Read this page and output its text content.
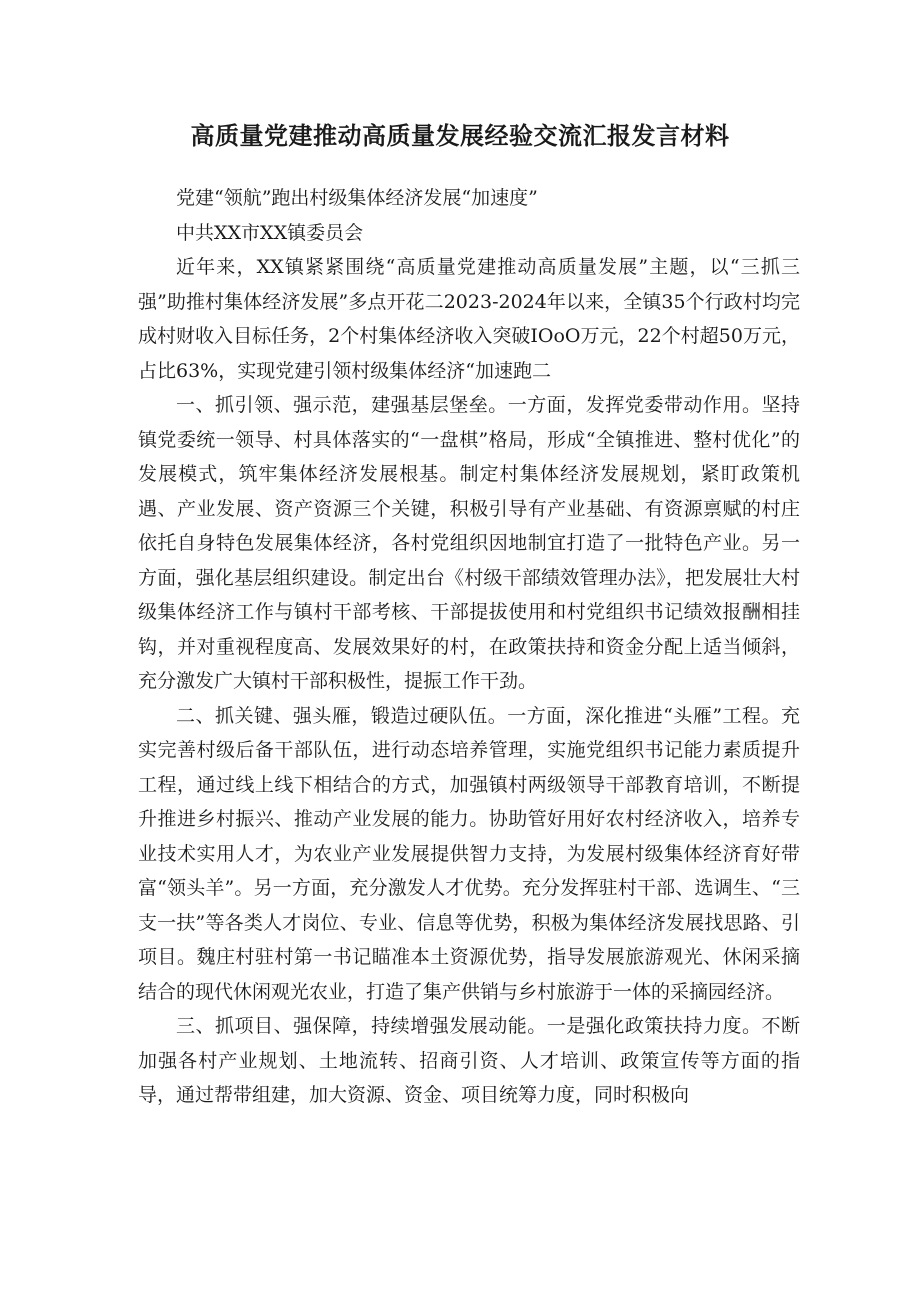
高质量党建推动高质量发展经验交流汇报发言材料

党建“领航”跑出村级集体经济发展“加速度”

中共XX市XX镇委员会

近年来，XX镇紧紧围绕“高质量党建推动高质量发展”主题，以“三抓三强”助推村集体经济发展”多点开花二2023-2024年以来，全镇35个行政村均完成村财收入目标任务，2个村集体经济收入突破IOoO万元，22个村超50万元，占比63%，实现党建引领村级集体经济“加速跑二

一、抓引领、强示范，建强基层堡垒。一方面，发挥党委带动作用。坚持镇党委统一领导、村具体落实的“一盘棋”格局，形成“全镇推进、整村优化”的发展模式，筑牢集体经济发展根基。制定村集体经济发展规划，紧盯政策机遇、产业发展、资产资源三个关键，积极引导有产业基础、有资源禀赋的村庄依托自身特色发展集体经济，各村党组织因地制宜打造了一批特色产业。另一方面，强化基层组织建设。制定出台《村级干部绩效管理办法》，把发展壮大村级集体经济工作与镇村干部考核、干部提拔使用和村党组织书记绩效报酬相挂钩，并对重视程度高、发展效果好的村，在政策扶持和资金分配上适当倾斜，充分激发广大镇村干部积极性，提振工作干劲。

二、抓关键、强头雁，锻造过硬队伍。一方面，深化推进“头雁”工程。充实完善村级后备干部队伍，进行动态培养管理，实施党组织书记能力素质提升工程，通过线上线下相结合的方式，加强镇村两级领导干部教育培训，不断提升推进乡村振兴、推动产业发展的能力。协助管好用好农村经济收入，培养专业技术实用人才，为农业产业发展提供智力支持，为发展村级集体经济育好带富“领头羊”。另一方面，充分激发人才优势。充分发挥驻村干部、选调生、“三支一扶”等各类人才岗位、专业、信息等优势，积极为集体经济发展找思路、引项目。魏庄村驻村第一书记瞄准本土资源优势，指导发展旅游观光、休闲采摘结合的现代休闲观光农业，打造了集产供销与乡村旅游于一体的采摘园经济。

三、抓项目、强保障，持续增强发展动能。一是强化政策扶持力度。不断加强各村产业规划、土地流转、招商引资、人才培训、政策宣传等方面的指导，通过帮带组建，加大资源、资金、项目统筹力度，同时积极向
